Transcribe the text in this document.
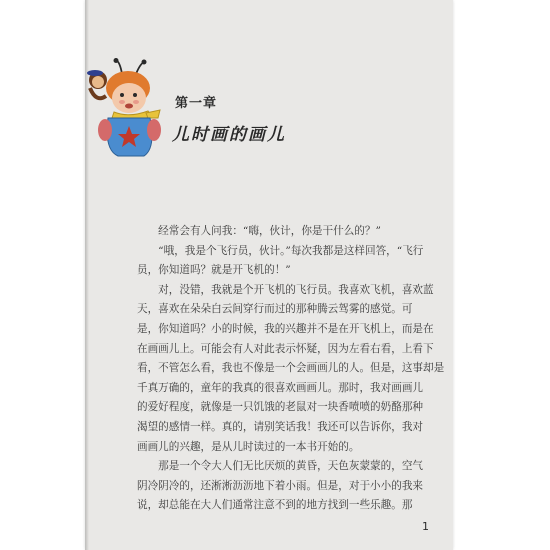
第一章
儿时画的画儿
　　经常会有人问我：“嗨，伙计，你是干什么的？”
　　“哦，我是个飞行员，伙计。”每次我都是这样回答，“飞行
员，你知道吗？就是开飞机的！”
　　对，没错，我就是个开飞机的飞行员。我喜欢飞机，喜欢蓝
天，喜欢在朵朵白云间穿行而过的那种腾云驾雾的感觉。可
是，你知道吗？小的时候，我的兴趣并不是在开飞机上，而是在
在画画儿上。可能会有人对此表示怀疑，因为左看右看，上看下
看，不管怎么看，我也不像是一个会画画儿的人。但是，这事却是
千真万确的，童年的我真的很喜欢画画儿。那时，我对画画儿
的爱好程度，就像是一只饥饿的老鼠对一块香喷喷的奶酪那种
渴望的感情一样。真的，请别笑话我！我还可以告诉你，我对
画画儿的兴趣，是从儿时读过的一本书开始的。
　　那是一个令大人们无比厌烦的黄昏，天色灰蒙蒙的，空气
阴冷阴冷的，还淅淅沥沥地下着小雨。但是，对于小小的我来
说，却总能在大人们通常注意不到的地方找到一些乐趣。那
1
